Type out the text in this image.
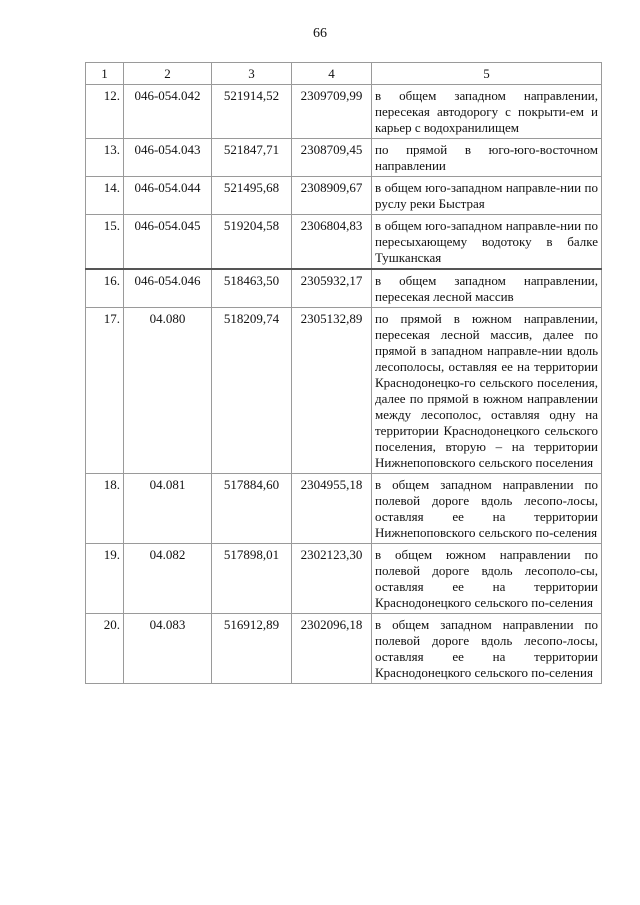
66
1	2	3	4	5
12.	046-054.042	521914,52	2309709,99	в общем западном направлении, пересекая автодорогу с покрыти-ем и карьер с водохранилищем
13.	046-054.043	521847,71	2308709,45	по прямой в юго-юго-восточном направлении
14.	046-054.044	521495,68	2308909,67	в общем юго-западном направле-нии по руслу реки Быстрая
15.	046-054.045	519204,58	2306804,83	в общем юго-западном направле-нии по пересыхающему водотоку в балке Тушканская
16.	046-054.046	518463,50	2305932,17	в общем западном направлении, пересекая лесной массив
17.	04.080	518209,74	2305132,89	по прямой в южном направлении, пересекая лесной массив, далее по прямой в западном направле-нии вдоль лесополосы, оставляя ее на территории Краснодонецко-го сельского поселения, далее по прямой в южном направлении между лесополос, оставляя одну на территории Краснодонецкого сельского поселения, вторую – на территории Нижнепоповского сельского поселения
18.	04.081	517884,60	2304955,18	в общем западном направлении по полевой дороге вдоль лесопо-лосы, оставляя ее на территории Нижнепоповского сельского по-селения
19.	04.082	517898,01	2302123,30	в общем южном направлении по полевой дороге вдоль лесополо-сы, оставляя ее на территории Краснодонецкого сельского по-селения
20.	04.083	516912,89	2302096,18	в общем западном направлении по полевой дороге вдоль лесопо-лосы, оставляя ее на территории Краснодонецкого сельского по-селения
